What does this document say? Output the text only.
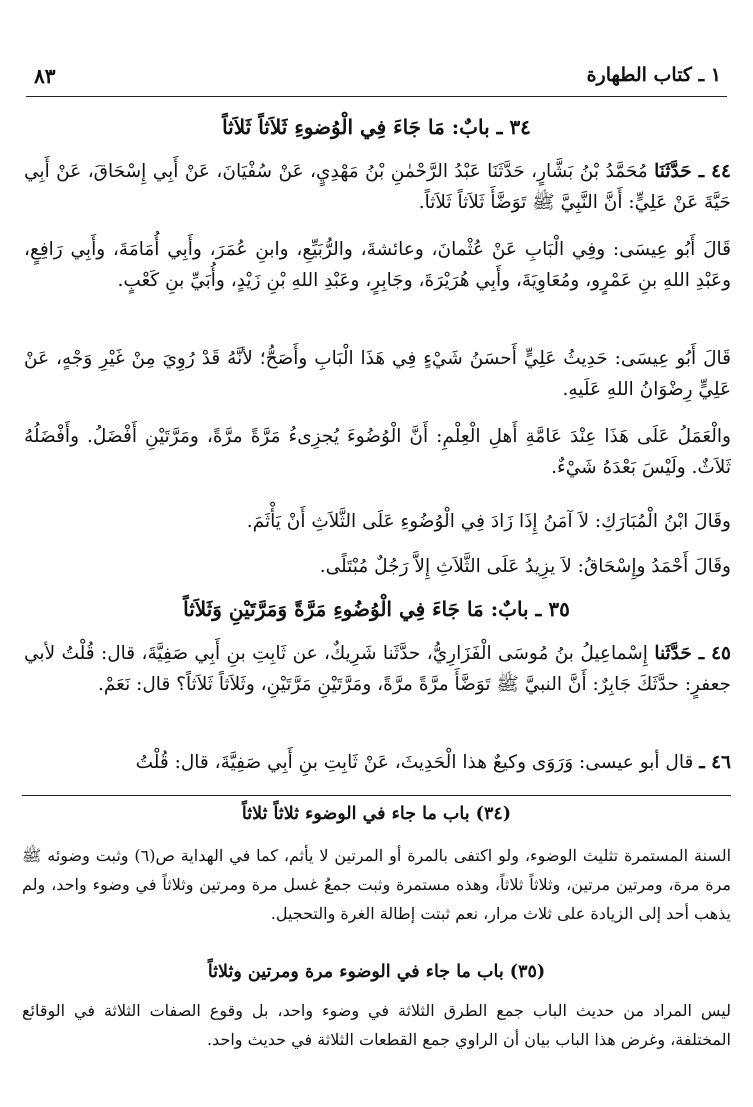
١ ـ كتاب الطهارة
٨٣
٣٤ ـ بابٌ: مَا جَاءَ فِي الْوُضوءِ ثَلاَثاً ثَلاَثاً
٤٤ ـ حَدَّثَنَا مُحَمَّدُ بْنُ بَشَّارٍ، حَدَّثَنَا عَبْدُ الرَّحْمٰنِ بْنُ مَهْدِيٍ، عَنْ سُفْيَانَ، عَنْ أَبِي إِسْحَاقَ، عَنْ أَبِي حَيَّةَ عَنْ عَلِيٍّ: أَنَّ النَّبِيَّ ﷺ تَوَضَّأَ ثَلاَثاً ثَلاَثاً.
قَالَ أَبُو عِيسَى: وفِي الْبَابِ عَنْ عُثْمانَ، وعائشةَ، والرُّبَيِّعِ، وابنِ عُمَرَ، وأَبِي أُمَامَةَ، وأَبِي رَافِعٍ، وعَبْدِ اللهِ بنِ عَمْرٍو، ومُعَاوِيَةَ، وأَبِي هُرَيْرَةَ، وجَابِرٍ، وعَبْدِ اللهِ بْنِ زَيْدٍ، وأُبَيِّ بنِ كَعْبٍ.
قَالَ أَبُو عِيسَى: حَدِيثُ عَلِيٍّ أَحسَنُ شَيْءٍ فِي هَذَا الْبَابِ وأَصَحُّ؛ لأنَّهُ قَدْ رُوِيَ مِنْ غَيْرِ وَجْهٍ، عَنْ عَلِيٍّ رِضْوَانُ اللهِ عَلَيهِ.
والْعَمَلُ عَلَى هَذَا عِنْدَ عَامَّةِ أَهلِ الْعِلْمِ: أَنَّ الْوُضُوءَ يُجزِىءُ مَرَّةً مرَّةً، ومَرَّتَيْنِ أَفْضَلُ. وأَفْضَلُهُ ثَلاَثٌ. ولَيْسَ بَعْدَهُ شَيْءٌ.
وقَالَ ابْنُ الْمُبَارَكِ: لاَ آمَنُ إِذَا زَادَ فِي الْوُضُوءِ عَلَى الثَّلاَثِ أَنْ يَأْثَمَ.
وقَالَ أَحْمَدُ وإِسْحَاقُ: لاَ يزِيدُ عَلَى الثَّلاَثِ إِلاَّ رَجُلٌ مُبْتَلًى.
٣٥ ـ بابٌ: مَا جَاءَ فِي الْوُضُوءِ مَرَّةً وَمَرَّتَيْنِ وَثَلاَثاً
٤٥ ـ حَدَّثَنا إِسْماعِيلُ بنُ مُوسَى الْفَزَارِيُّ، حدَّثَنا شَرِيكٌ، عن ثَابِتِ بنِ أَبِي صَفِيَّةَ، قال: قُلْتُ لأبي جعفرٍ: حدَّثَكَ جَابِرٌ: أَنَّ النبيَّ ﷺ تَوَضَّأَ مرَّةً مرَّةً، ومَرَّتَيْنِ مَرَّتَيْنِ، وثَلاَثاً ثَلاَثاً؟ قال: نَعَمْ.
٤٦ ـ قال أبو عيسى: وَرَوَى وكيعٌ هذا الْحَدِيثَ، عَنْ ثَابِتِ بنِ أَبِي صَفِيَّةَ، قال: قُلْتُ
(٣٤) باب ما جاء في الوضوء ثلاثاً ثلاثاً
السنة المستمرة تثليث الوضوء، ولو اكتفى بالمرة أو المرتين لا يأثم، كما في الهداية ص(٦) وثبت وضوئه ﷺ مرة مرة، ومرتين مرتين، وثلاثاً ثلاثاً، وهذه مستمرة وثبت جمعُ غسل مرة ومرتين وثلاثاً في وضوء واحد، ولم يذهب أحد إلى الزيادة على ثلاث مرار، نعم ثبتت إطالة الغرة والتحجيل.
(٣٥) باب ما جاء في الوضوء مرة ومرتين وثلاثاً
ليس المراد من حديث الباب جمع الطرق الثلاثة في وضوء واحد، بل وقوع الصفات الثلاثة في الوقائع المختلفة، وغرض هذا الباب بيان أن الراوي جمع القطعات الثلاثة في حديث واحد.
